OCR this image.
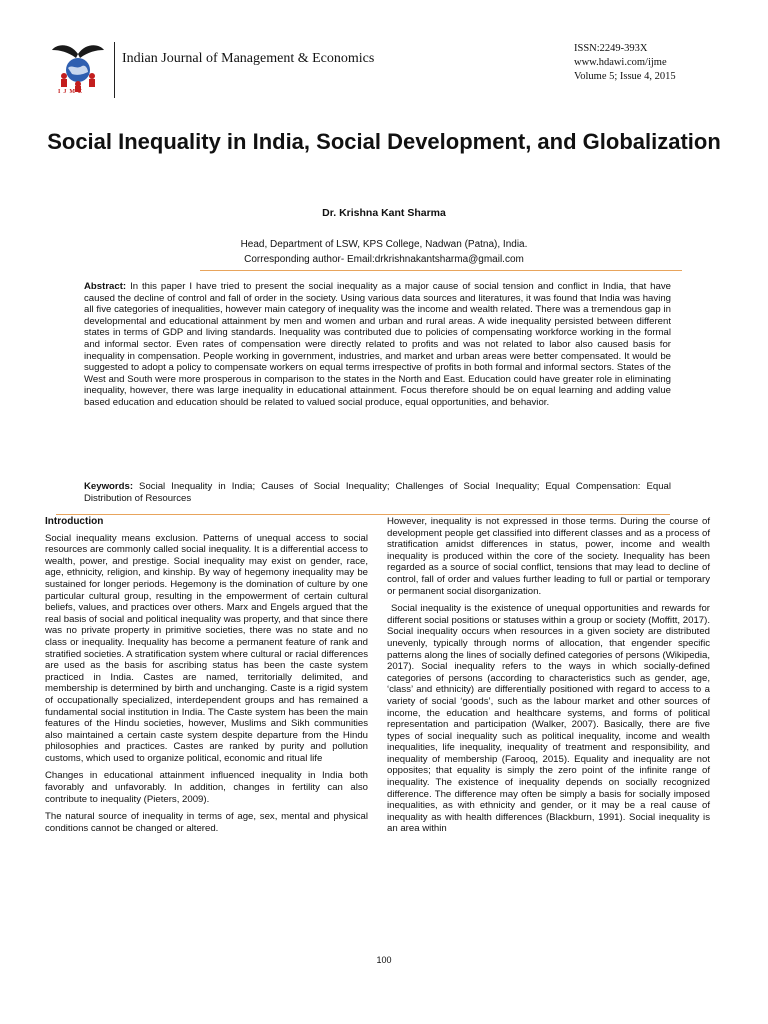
IJME
Indian Journal of Management & Economics
ISSN:2249-393X
www.hdawi.com/ijme
Volume 5; Issue 4, 2015
Social Inequality in India, Social Development, and Globalization
Dr. Krishna Kant Sharma
Head, Department of LSW, KPS College, Nadwan (Patna), India.
Corresponding author- Email:drkrishnakantsharma@gmail.com
Abstract: In this paper I have tried to present the social inequality as a major cause of social tension and conflict in India, that have caused the decline of control and fall of order in the society. Using various data sources and literatures, it was found that India was having all five categories of inequalities, however main category of inequality was the income and wealth related. There was a tremendous gap in developmental and educational attainment by men and women and urban and rural areas. A wide inequality persisted between different states in terms of GDP and living standards. Inequality was contributed due to policies of compensating workforce working in the formal and informal sector. Even rates of compensation were directly related to profits and was not related to labor also caused basis for inequality in compensation. People working in government, industries, and market and urban areas were better compensated. It would be suggested to adopt a policy to compensate workers on equal terms irrespective of profits in both formal and informal sectors. States of the West and South were more prosperous in comparison to the states in the North and East. Education could have greater role in eliminating inequality, however, there was large inequality in educational attainment. Focus therefore should be on equal learning and adding value based education and education should be related to valued social produce, equal opportunities, and behavior.
Keywords: Social Inequality in India; Causes of Social Inequality; Challenges of Social Inequality; Equal Compensation: Equal Distribution of Resources
Introduction

Social inequality means exclusion. Patterns of unequal access to social resources are commonly called social inequality. It is a differential access to wealth, power, and prestige. Social inequality may exist on gender, race, age, ethnicity, religion, and kinship. By way of hegemony inequality may be sustained for longer periods. Hegemony is the domination of culture by one particular cultural group, resulting in the empowerment of certain cultural beliefs, values, and practices over others. Marx and Engels argued that the real basis of social and political inequality was property, and that since there was no private property in primitive societies, there was no state and no class or inequality. Inequality has become a permanent feature of rank and stratified societies. A stratification system where cultural or racial differences are used as the basis for ascribing status has been the caste system practiced in India. Castes are named, territorially delimited, and membership is determined by birth and unchanging. Caste is a rigid system of occupationally specialized, interdependent groups and has remained a fundamental social institution in India. The Caste system has been the main features of the Hindu societies, however, Muslims and Sikh communities also maintained a certain caste system despite departure from the Hindu philosophies and practices. Castes are ranked by purity and pollution customs, which used to organize political, economic and ritual life

Changes in educational attainment influenced inequality in India both favorably and unfavorably. In addition, changes in fertility can also contribute to inequality (Pieters, 2009).

The natural source of inequality in terms of age, sex, mental and physical conditions cannot be changed or altered.

However, inequality is not expressed in those terms. During the course of development people get classified into different classes and as a process of stratification amidst differences in status, power, income and wealth inequality is produced within the core of the society. Inequality has been regarded as a source of social conflict, tensions that may lead to decline of control, fall of order and values further leading to full or partial or temporary or permanent social disorganization.

Social inequality is the existence of unequal opportunities and rewards for different social positions or statuses within a group or society (Moffitt, 2017). Social inequality occurs when resources in a given society are distributed unevenly, typically through norms of allocation, that engender specific patterns along the lines of socially defined categories of persons (Wikipedia, 2017). Social inequality refers to the ways in which socially-defined categories of persons (according to characteristics such as gender, age, ‘class’ and ethnicity) are differentially positioned with regard to access to a variety of social ‘goods’, such as the labour market and other sources of income, the education and healthcare systems, and forms of political representation and participation (Walker, 2007). Basically, there are five types of social inequality such as political inequality, income and wealth inequalities, life inequality, inequality of treatment and responsibility, and inequality of membership (Farooq, 2015). Equality and inequality are not opposites; that equality is simply the zero point of the infinite range of inequality. The existence of inequality depends on socially recognized difference. The difference may often be simply a basis for socially imposed inequalities, as with ethnicity and gender, or it may be a real cause of inequality as with health differences (Blackburn, 1991). Social inequality is an area within

100
